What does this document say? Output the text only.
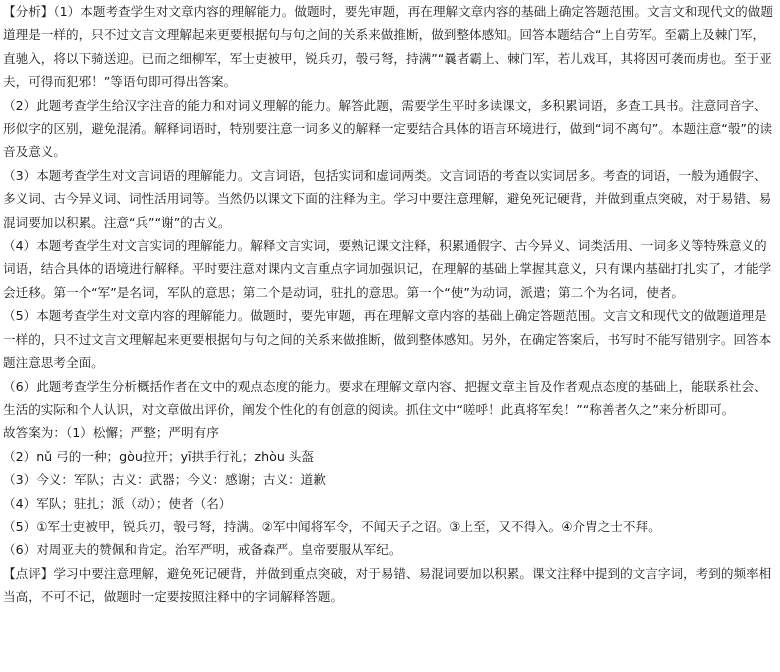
【分析】（1）本题考查学生对文章内容的理解能力。做题时，要先审题，再在理解文章内容的基础上确定答题范围。文言文和现代文的做题道理是一样的，只不过文言文理解起来更要根据句与句之间的关系来做推断，做到整体感知。回答本题结合“上自劳军。至霸上及棘门军，直驰入，将以下骑送迎。已而之细柳军，军士吏被甲，锐兵刃，彀弓弩，持满”“曩者霸上、棘门军，若儿戏耳，其将因可袭而虏也。至于亚夫，可得而犯邪！”等语句即可得出答案。

（2）此题考查学生给汉字注音的能力和对词义理解的能力。解答此题，需要学生平时多读课文，多积累词语，多查工具书。注意同音字、形似字的区别，避免混淆。解释词语时，特别要注意一词多义的解释一定要结合具体的语言环境进行，做到“词不离句”。本题注意“彀”的读音及意义。

（3）本题考查学生对文言词语的理解能力。文言词语，包括实词和虚词两类。文言词语的考查以实词居多。考查的词语，一般为通假字、多义词、古今异义词、词性活用词等。当然仍以课文下面的注释为主。学习中要注意理解，避免死记硬背，并做到重点突破，对于易错、易混词要加以积累。注意“兵”“谢”的古义。

（4）本题考查学生对文言实词的理解能力。解释文言实词，要熟记课文注释，积累通假字、古今异义、词类活用、一词多义等特殊意义的词语，结合具体的语境进行解释。平时要注意对课内文言重点字词加强识记，在理解的基础上掌握其意义，只有课内基础打扎实了，才能学会迁移。第一个“军”是名词，军队的意思；第二个是动词，驻扎的意思。第一个“使”为动词，派遣；第二个为名词，使者。

（5）本题考查学生对文章内容的理解能力。做题时，要先审题，再在理解文章内容的基础上确定答题范围。文言文和现代文的做题道理是一样的，只不过文言文理解起来更要根据句与句之间的关系来做推断，做到整体感知。另外，在确定答案后，书写时不能写错别字。回答本题注意思考全面。

（6）此题考查学生分析概括作者在文中的观点态度的能力。要求在理解文章内容、把握文章主旨及作者观点态度的基础上，能联系社会、生活的实际和个人认识，对文章做出评价，阐发个性化的有创意的阅读。抓住文中“嗟呼！此真将军矣！”“称善者久之”来分析即可。

故答案为：（1）松懈；严整；严明有序

（2）nǔ 弓的一种；gòu拉开；yī拱手行礼；zhòu 头盔

（3）今义：军队；古义：武器；今义：感谢；古义：道歉

（4）军队；驻扎；派（动）；使者（名）

（5）①军士吏被甲，锐兵刃，彀弓弩，持满。②军中闻将军令，不闻天子之诏。③上至，又不得入。④介胄之士不拜。

（6）对周亚夫的赞佩和肯定。治军严明，戒备森严。皇帝要服从军纪。

【点评】学习中要注意理解，避免死记硬背，并做到重点突破，对于易错、易混词要加以积累。课文注释中提到的文言字词，考到的频率相当高，不可不记，做题时一定要按照注释中的字词解释答题。
